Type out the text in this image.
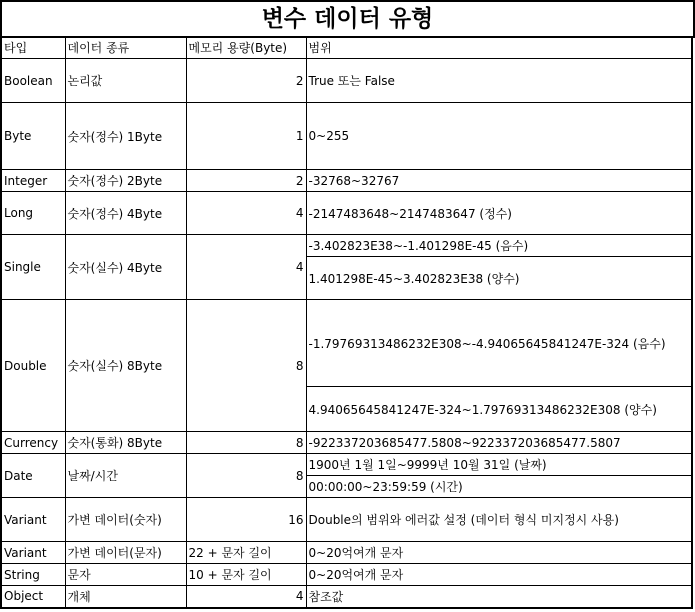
변수 데이터 유형
타입	데이터 종류	메모리 용량(Byte)	범위
Boolean	논리값	2	True 또는 False
Byte	숫자(정수) 1Byte	1	0~255
Integer	숫자(정수) 2Byte	2	-32768~32767
Long	숫자(정수) 4Byte	4	-2147483648~2147483647 (정수)
Single	숫자(실수) 4Byte	4	-3.402823E38~-1.401298E-45 (음수)
			1.401298E-45~3.402823E38 (양수)
Double	숫자(실수) 8Byte	8	-1.79769313486232E308~-4.94065645841247E-324 (음수)
			4.94065645841247E-324~1.79769313486232E308 (양수)
Currency	숫자(통화) 8Byte	8	-922337203685477.5808~922337203685477.5807
Date	날짜/시간	8	1900년 1월 1일~9999년 10월 31일 (날짜)
			00:00:00~23:59:59 (시간)
Variant	가변 데이터(숫자)	16	Double의 범위와 에러값 설정 (데이터 형식 미지정시 사용)
Variant	가변 데이터(문자)	22 + 문자 길이	0~20억여개 문자
String	문자	10 + 문자 길이	0~20억여개 문자
Object	개체	4	참조값
